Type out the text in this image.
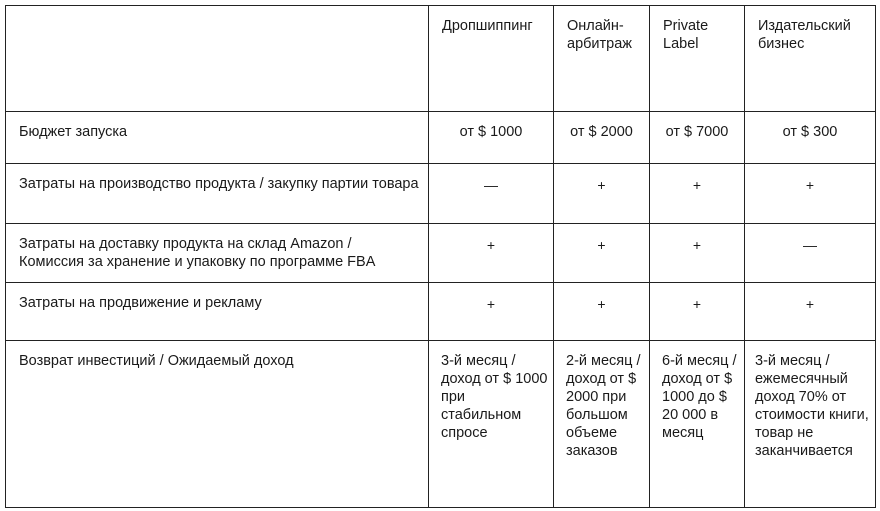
	Дропшиппинг	Онлайн-арбитраж	Private Label	Издательский бизнес

Бюджет запуска	от $ 1000	от $ 2000	от $ 7000	от $ 300

Затраты на производство продукта / закупку партии товара	—	+	+	+

Затраты на доставку продукта на склад Amazon / Комиссия за хранение и упаковку по программе FBA	+	+	+	—

Затраты на продвижение и рекламу	+	+	+	+

Возврат инвестиций / Ожидаемый доход	3-й месяц / доход от $ 1000 при стабильном спросе	2-й месяц / доход от $ 2000 при большом объеме заказов	6-й месяц / доход от $ 1000 до $ 20 000 в месяц	3-й месяц / ежемесячный доход 70% от стоимости книги, товар не заканчивается
